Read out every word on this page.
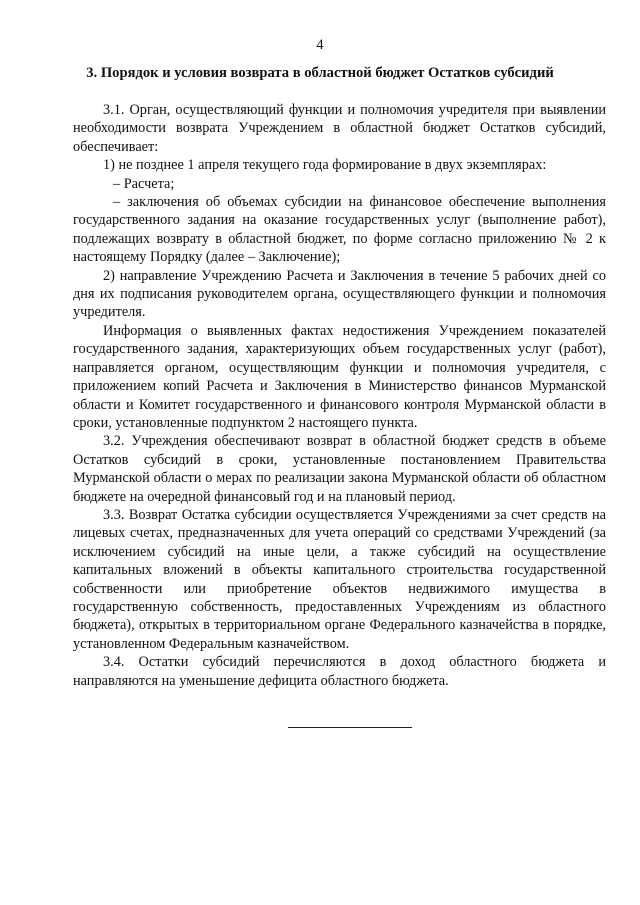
4
3. Порядок и условия возврата в областной бюджет Остатков субсидий

3.1. Орган, осуществляющий функции и полномочия учредителя при выявлении необходимости возврата Учреждением в областной бюджет Остатков субсидий, обеспечивает:

1) не позднее 1 апреля текущего года формирование в двух экземплярах:

– Расчета;

– заключения об объемах субсидии на финансовое обеспечение выполнения государственного задания на оказание государственных услуг (выполнение работ), подлежащих возврату в областной бюджет, по форме согласно приложению № 2 к настоящему Порядку (далее – Заключение);

2) направление Учреждению Расчета и Заключения в течение 5 рабочих дней со дня их подписания руководителем органа, осуществляющего функции и полномочия учредителя.

Информация о выявленных фактах недостижения Учреждением показателей государственного задания, характеризующих объем государственных услуг (работ), направляется органом, осуществляющим функции и полномочия учредителя, с приложением копий Расчета и Заключения в Министерство финансов Мурманской области и Комитет государственного и финансового контроля Мурманской области в сроки, установленные подпунктом 2 настоящего пункта.

3.2. Учреждения обеспечивают возврат в областной бюджет средств в объеме Остатков субсидий в сроки, установленные постановлением Правительства Мурманской области о мерах по реализации закона Мурманской области об областном бюджете на очередной финансовый год и на плановый период.

3.3. Возврат Остатка субсидии осуществляется Учреждениями за счет средств на лицевых счетах, предназначенных для учета операций со средствами Учреждений (за исключением субсидий на иные цели, а также субсидий на осуществление капитальных вложений в объекты капитального строительства государственной собственности или приобретение объектов недвижимого имущества в государственную собственность, предоставленных Учреждениям из областного бюджета), открытых в территориальном органе Федерального казначейства в порядке, установленном Федеральным казначейством.

3.4. Остатки субсидий перечисляются в доход областного бюджета и направляются на уменьшение дефицита областного бюджета.
